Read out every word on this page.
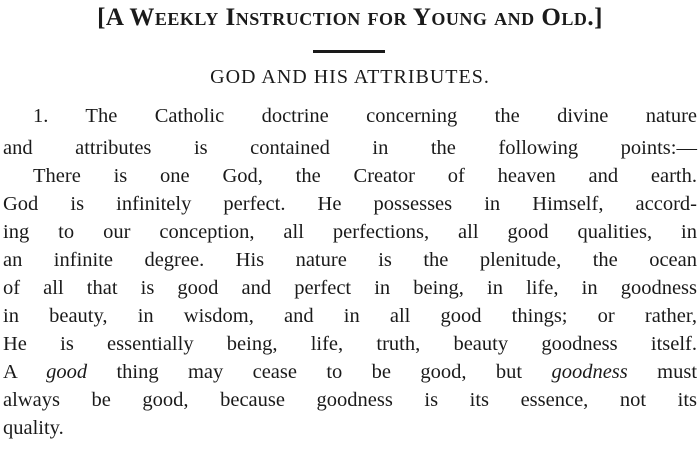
[A Weekly Instruction for Young and Old.]
GOD AND HIS ATTRIBUTES.
1. The Catholic doctrine concerning the divine nature
and attributes is contained in the following points:—
There is one God, the Creator of heaven and earth.
God is infinitely perfect. He possesses in Himself, accord-
ing to our conception, all perfections, all good qualities, in
an infinite degree. His nature is the plenitude, the ocean
of all that is good and perfect in being, in life, in goodness
in beauty, in wisdom, and in all good things; or rather,
He is essentially being, life, truth, beauty goodness itself.
A good thing may cease to be good, but goodness must
always be good, because goodness is its essence, not its
quality.
